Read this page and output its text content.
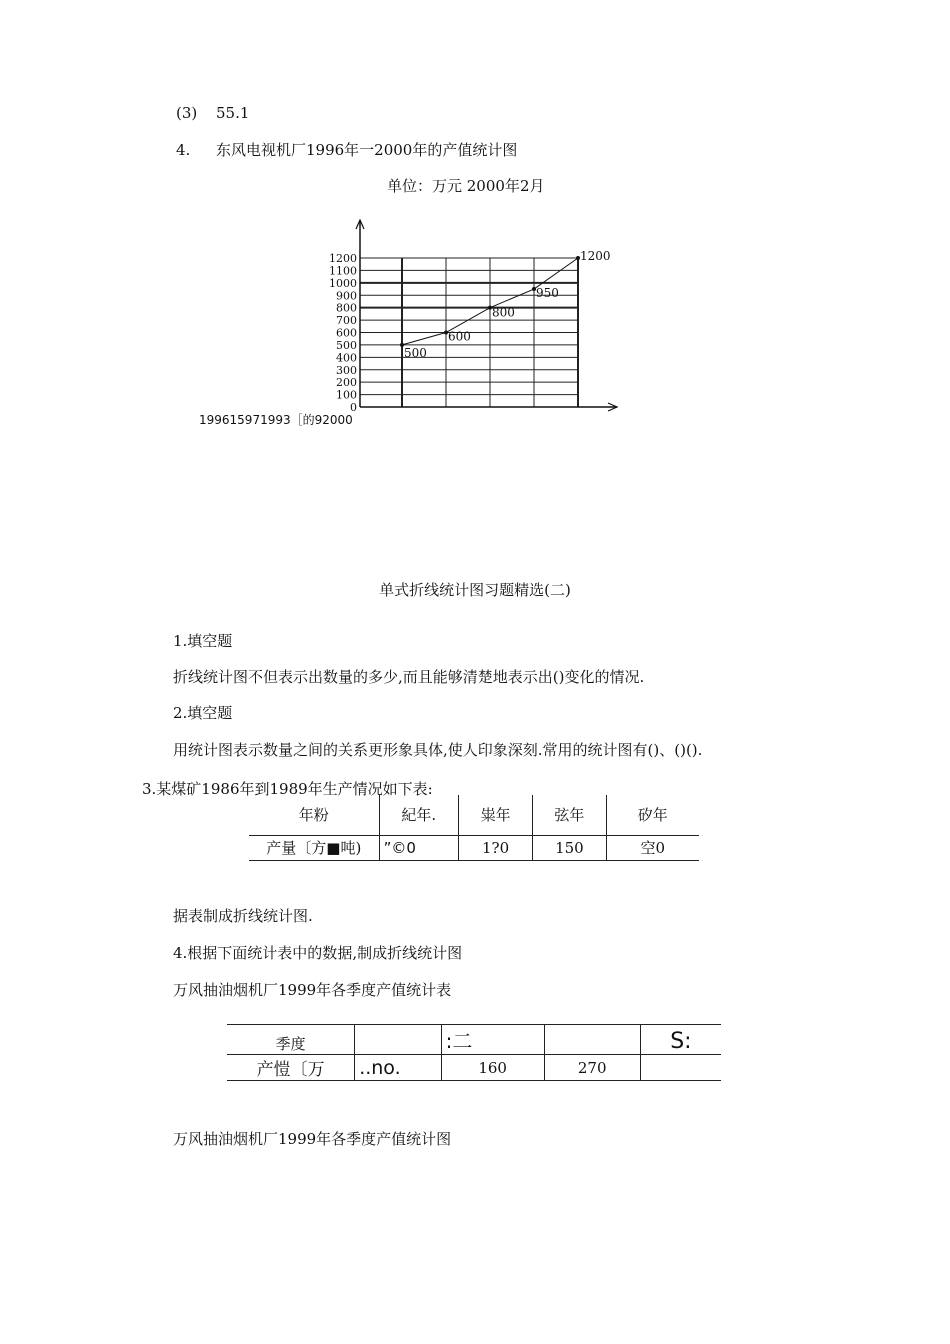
(3) 55.1
4. 东风电视机厂1996年一2000年的产值统计图
单位：万元 2000年2月
0
100
200
300
400
500
600
700
800
900
1000
1100
1200
500
600
800
950
1200
199615971993［的92000
单式折线统计图习题精选(二)
1.填空题
折线统计图不但表示出数量的多少,而且能够清楚地表示出()变化的情况.
2.填空题
用统计图表示数量之间的关系更形象具体,使人印象深刻.常用的统计图有()、()().
3.某煤矿1986年到1989年生产情况如下表:
年粉	紀年.	粜年	弦年	矽年
产量〔方■吨)	”©0	1?0	150	空0
据表制成折线统计图.
4.根据下面统计表中的数据,制成折线统计图
万风抽油烟机厂1999年各季度产值统计表
季度		:二		S:
产愷〔万	..no.	160	270	
万风抽油烟机厂1999年各季度产值统计图
